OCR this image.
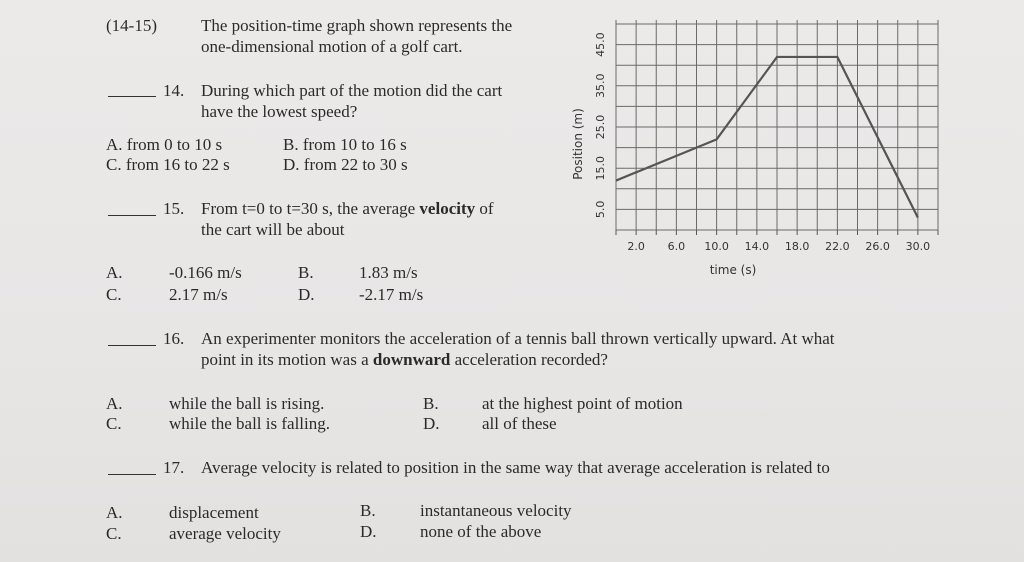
(14-15)	The position-time graph shown represents the
one-dimensional motion of a golf cart.
14. During which part of the motion did the cart
have the lowest speed?
A. from 0 to 10 s	B. from 10 to 16 s
C. from 16 to 22 s	D. from 22 to 30 s
15. From t=0 to t=30 s, the average velocity of
the cart will be about
A.	-0.166 m/s	B.	1.83 m/s
C.	2.17 m/s	D.	-2.17 m/s
16. An experimenter monitors the acceleration of a tennis ball thrown vertically upward. At what
point in its motion was a downward acceleration recorded?
A.	while the ball is rising.	B.	at the highest point of motion
C.	while the ball is falling.	D. all of these
17. Average velocity is related to position in the same way that average acceleration is related to
A.	displacement	B.	instantaneous velocity
C.	average velocity	D.	none of the above
5.0
15.0
25.0
35.0
45.0
2.0 6.0 10.0 14.0 18.0 22.0 26.0 30.0
Position (m)
time (s)
